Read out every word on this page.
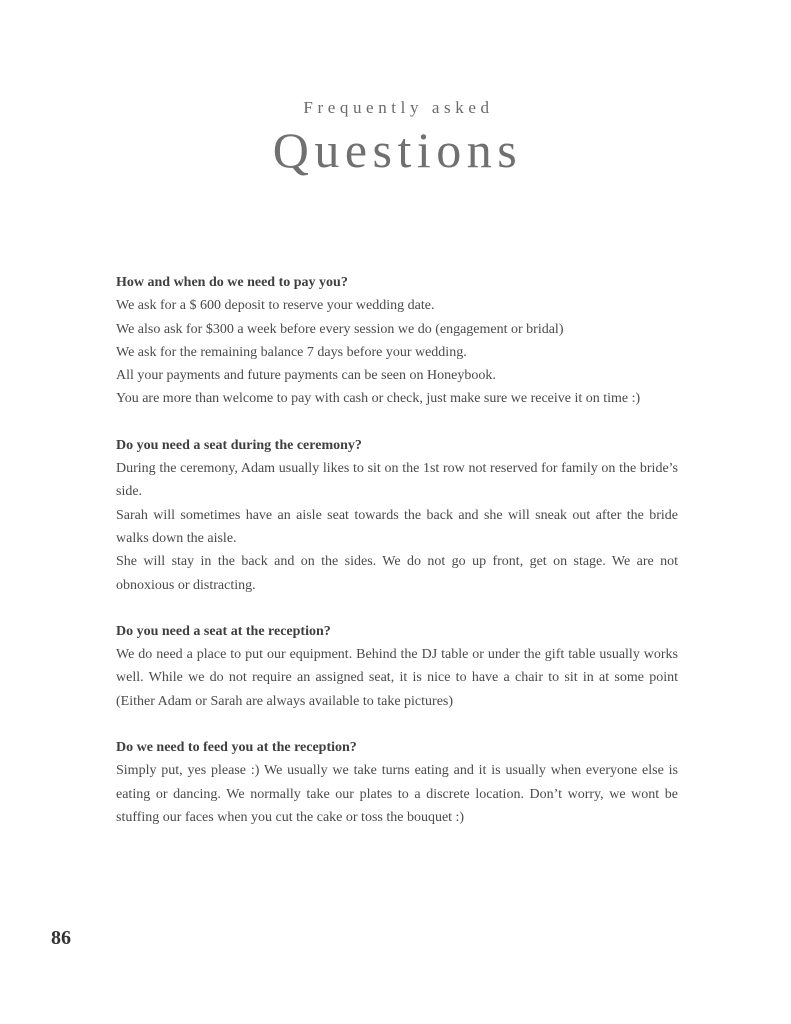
Frequently asked
Questions

How and when do we need to pay you?

We ask for a $ 600 deposit to reserve your wedding date.

We also ask for $300 a week before every session we do (engagement or bridal)

We ask for the remaining balance 7 days before your wedding.

All your payments and future payments can be seen on Honeybook.

You are more than welcome to pay with cash or check, just make sure we receive it on time :)

Do you need a seat during the ceremony?

During the ceremony, Adam usually likes to sit on the 1st row not reserved for family on the bride’s side.

Sarah will sometimes have an aisle seat towards the back and she will sneak out after the bride walks down the aisle.

She will stay in the back and on the sides. We do not go up front, get on stage. We are not obnoxious or distracting.

Do you need a seat at the reception?

We do need a place to put our equipment. Behind the DJ table or under the gift table usually works well. While we do not require an assigned seat, it is nice to have a chair to sit in at some point (Either Adam or Sarah are always available to take pictures)

Do we need to feed you at the reception?

Simply put, yes please :) We usually we take turns eating and it is usually when everyone else is eating or dancing. We normally take our plates to a discrete location. Don’t worry, we wont be stuffing our faces when you cut the cake or toss the bouquet :)

86
